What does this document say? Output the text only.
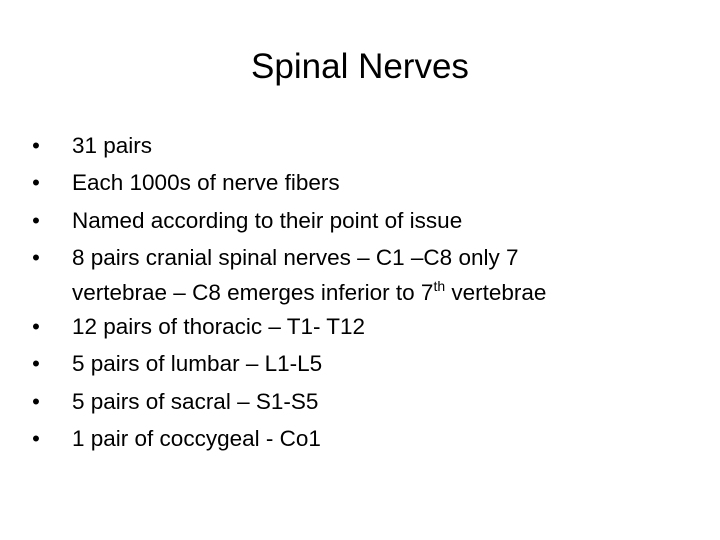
Spinal Nerves
• 31 pairs
• Each 1000s of nerve fibers
• Named according to their point of issue
• 8 pairs cranial spinal nerves – C1 –C8 only 7
vertebrae – C8 emerges inferior to 7th vertebrae
• 12 pairs of thoracic – T1- T12
• 5 pairs of lumbar – L1-L5
• 5 pairs of sacral – S1-S5
• 1 pair of coccygeal - Co1
